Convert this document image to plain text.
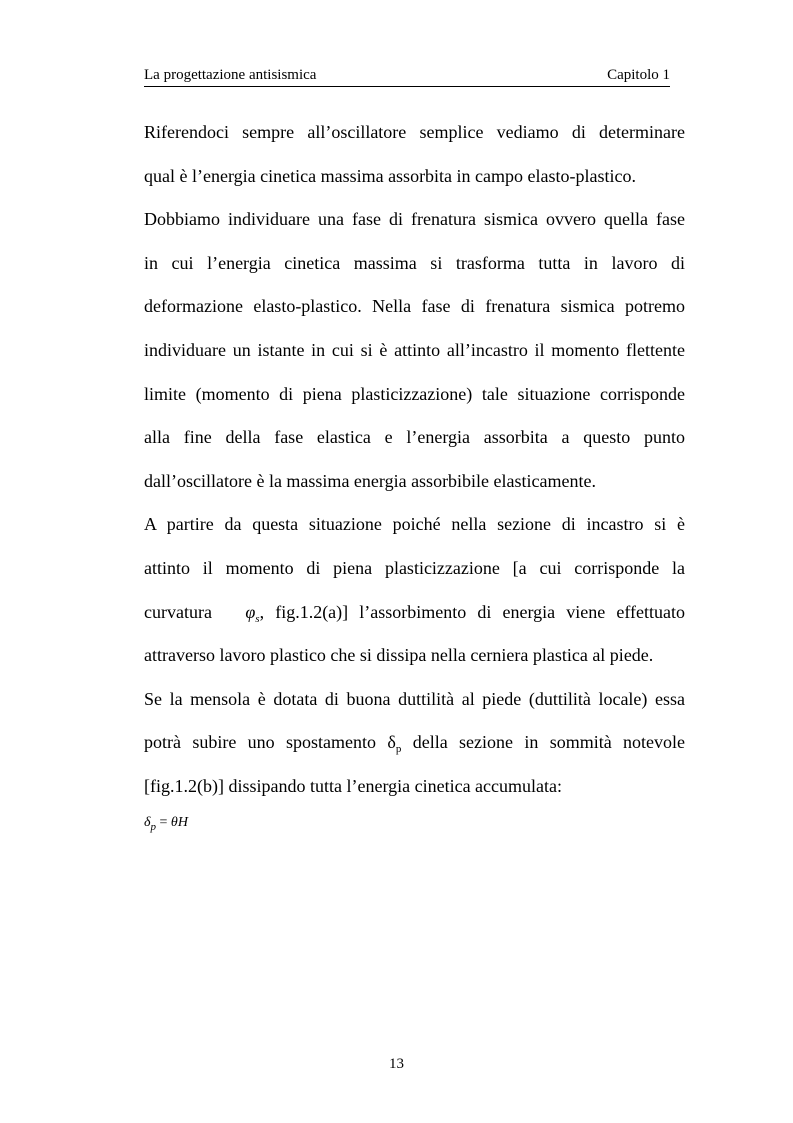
La progettazione antisismica	Capitolo 1
Riferendoci sempre all’oscillatore semplice vediamo di determinare
qual è l’energia cinetica massima assorbita in campo elasto-plastico.
Dobbiamo individuare una fase di frenatura sismica ovvero quella fase
in cui l’energia cinetica massima si trasforma tutta in lavoro di
deformazione elasto-plastico. Nella fase di frenatura sismica potremo
individuare un istante in cui si è attinto all’incastro il momento flettente
limite (momento di piena plasticizzazione) tale situazione corrisponde
alla fine della fase elastica e l’energia assorbita a questo punto
dall’oscillatore è la massima energia assorbibile elasticamente.
A partire da questa situazione poiché nella sezione di incastro si è
attinto il momento di piena plasticizzazione [a cui corrisponde la
curvatura $\varphi_s$, fig.1.2(a)] l’assorbimento di energia viene effettuato
attraverso lavoro plastico che si dissipa nella cerniera plastica al piede.
Se la mensola è dotata di buona duttilità al piede (duttilità locale) essa
potrà subire uno spostamento $\delta_p$ della sezione in sommità notevole
[fig.1.2(b)] dissipando tutta l’energia cinetica accumulata:
$\delta_p = \theta H$
13
